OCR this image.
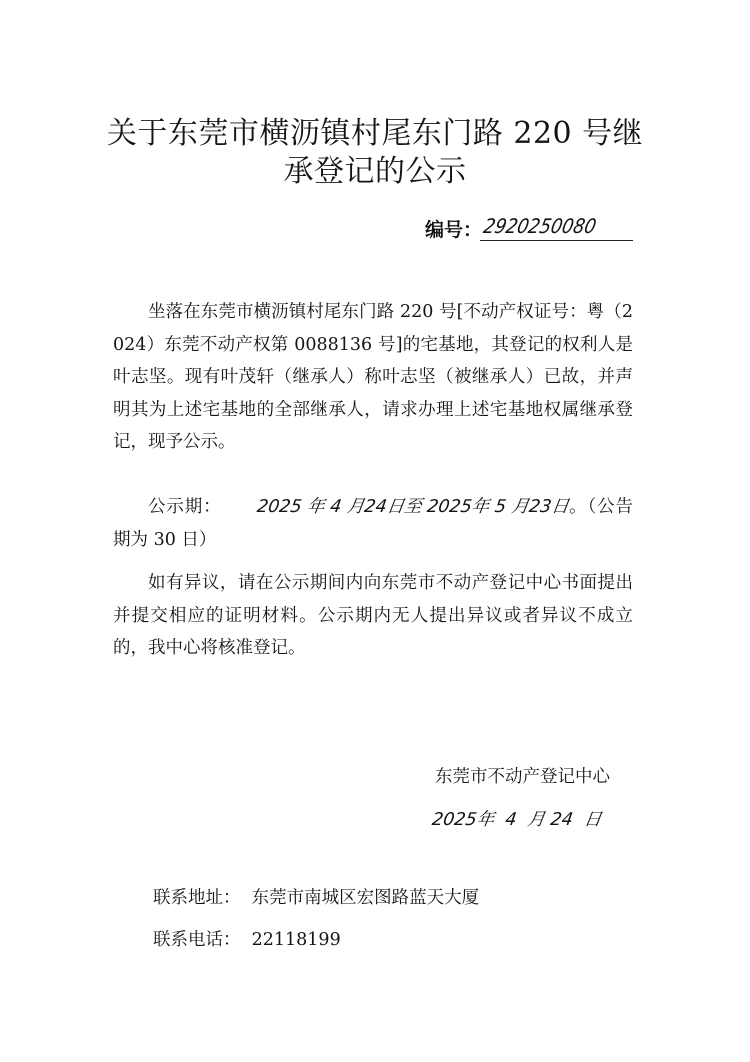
关于东莞市横沥镇村尾东门路 220 号继
承登记的公示
编号： 2920250080

坐落在东莞市横沥镇村尾东门路 220 号[不动产权证号：粤（2024）东莞不动产权第 0088136 号]的宅基地，其登记的权利人是叶志坚。现有叶茂轩（继承人）称叶志坚（被继承人）已故，并声明其为上述宅基地的全部继承人，请求办理上述宅基地权属继承登记，现予公示。

公示期： 2025 年 4 月24日至 2025年 5 月23日。（公告期为 30 日）

如有异议，请在公示期间内向东莞市不动产登记中心书面提出并提交相应的证明材料。公示期内无人提出异议或者异议不成立的，我中心将核准登记。

东莞市不动产登记中心
2025年  4  月 24  日
联系地址：  东莞市南城区宏图路蓝天大厦
联系电话：  22118199
